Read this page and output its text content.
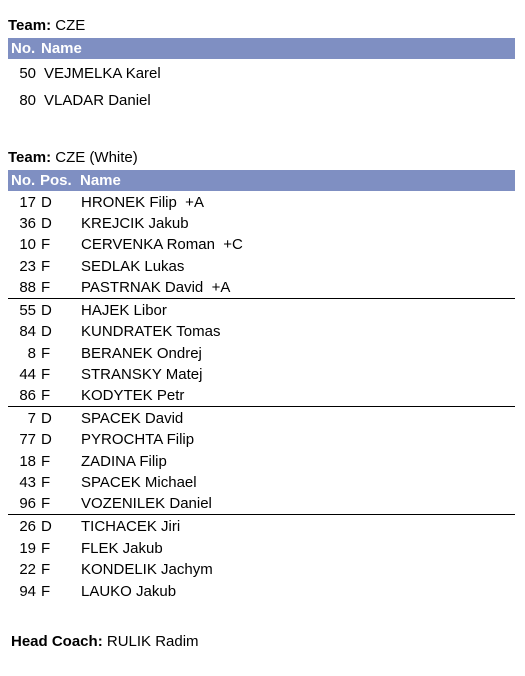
Team: CZE
No. Name
50 VEJMELKA Karel
80 VLADAR Daniel
Team: CZE (White)
No. Pos. Name
17 D HRONEK Filip  +A
36 D KREJCIK Jakub
10 F CERVENKA Roman  +C
23 F SEDLAK Lukas
88 F PASTRNAK David  +A
55 D HAJEK Libor
84 D KUNDRATEK Tomas
8 F BERANEK Ondrej
44 F STRANSKY Matej
86 F KODYTEK Petr
7 D SPACEK David
77 D PYROCHTA Filip
18 F ZADINA Filip
43 F SPACEK Michael
96 F VOZENILEK Daniel
26 D TICHACEK Jiri
19 F FLEK Jakub
22 F KONDELIK Jachym
94 F LAUKO Jakub
Head Coach: RULIK Radim
